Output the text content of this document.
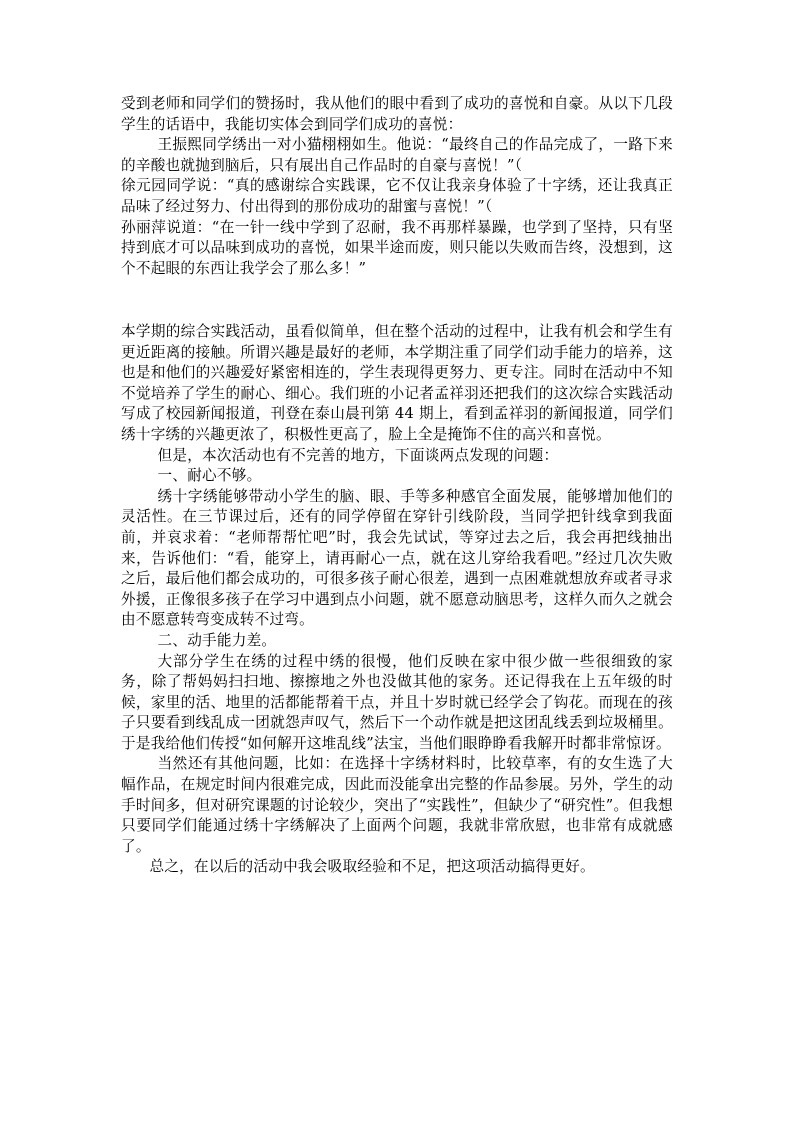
受到老师和同学们的赞扬时，我从他们的眼中看到了成功的喜悦和自豪。从以下几段学生的话语中，我能切实体会到同学们成功的喜悦：

王振熙同学绣出一对小猫栩栩如生。他说：“最终自己的作品完成了，一路下来的辛酸也就抛到脑后，只有展出自己作品时的自豪与喜悦！”（

徐元园同学说：“真的感谢综合实践课，它不仅让我亲身体验了十字绣，还让我真正品味了经过努力、付出得到的那份成功的甜蜜与喜悦！”（

孙丽萍说道：“在一针一线中学到了忍耐，我不再那样暴躁，也学到了坚持，只有坚持到底才可以品味到成功的喜悦，如果半途而废，则只能以失败而告终，没想到，这个不起眼的东西让我学会了那么多！”

本学期的综合实践活动，虽看似简单，但在整个活动的过程中，让我有机会和学生有更近距离的接触。所谓兴趣是最好的老师，本学期注重了同学们动手能力的培养，这也是和他们的兴趣爱好紧密相连的，学生表现得更努力、更专注。同时在活动中不知不觉培养了学生的耐心、细心。我们班的小记者孟祥羽还把我们的这次综合实践活动写成了校园新闻报道，刊登在泰山晨刊第 44 期上，看到孟祥羽的新闻报道，同学们绣十字绣的兴趣更浓了，积极性更高了，脸上全是掩饰不住的高兴和喜悦。

但是，本次活动也有不完善的地方，下面谈两点发现的问题：

一、耐心不够。

绣十字绣能够带动小学生的脑、眼、手等多种感官全面发展，能够增加他们的灵活性。在三节课过后，还有的同学停留在穿针引线阶段，当同学把针线拿到我面前，并哀求着：“老师帮帮忙吧”时，我会先试试，等穿过去之后，我会再把线抽出来，告诉他们：“看，能穿上，请再耐心一点，就在这儿穿给我看吧。”经过几次失败之后，最后他们都会成功的，可很多孩子耐心很差，遇到一点困难就想放弃或者寻求外援，正像很多孩子在学习中遇到点小问题，就不愿意动脑思考，这样久而久之就会由不愿意转弯变成转不过弯。

二、动手能力差。

大部分学生在绣的过程中绣的很慢，他们反映在家中很少做一些很细致的家务，除了帮妈妈扫扫地、擦擦地之外也没做其他的家务。还记得我在上五年级的时候，家里的活、地里的活都能帮着干点，并且十岁时就已经学会了钩花。而现在的孩子只要看到线乱成一团就怨声叹气，然后下一个动作就是把这团乱线丢到垃圾桶里。于是我给他们传授“如何解开这堆乱线”法宝，当他们眼睁睁看我解开时都非常惊讶。

当然还有其他问题，比如：在选择十字绣材料时，比较草率，有的女生选了大幅作品，在规定时间内很难完成，因此而没能拿出完整的作品参展。另外，学生的动手时间多，但对研究课题的讨论较少，突出了“实践性”，但缺少了“研究性”。但我想只要同学们能通过绣十字绣解决了上面两个问题，我就非常欣慰，也非常有成就感了。

总之，在以后的活动中我会吸取经验和不足，把这项活动搞得更好。
